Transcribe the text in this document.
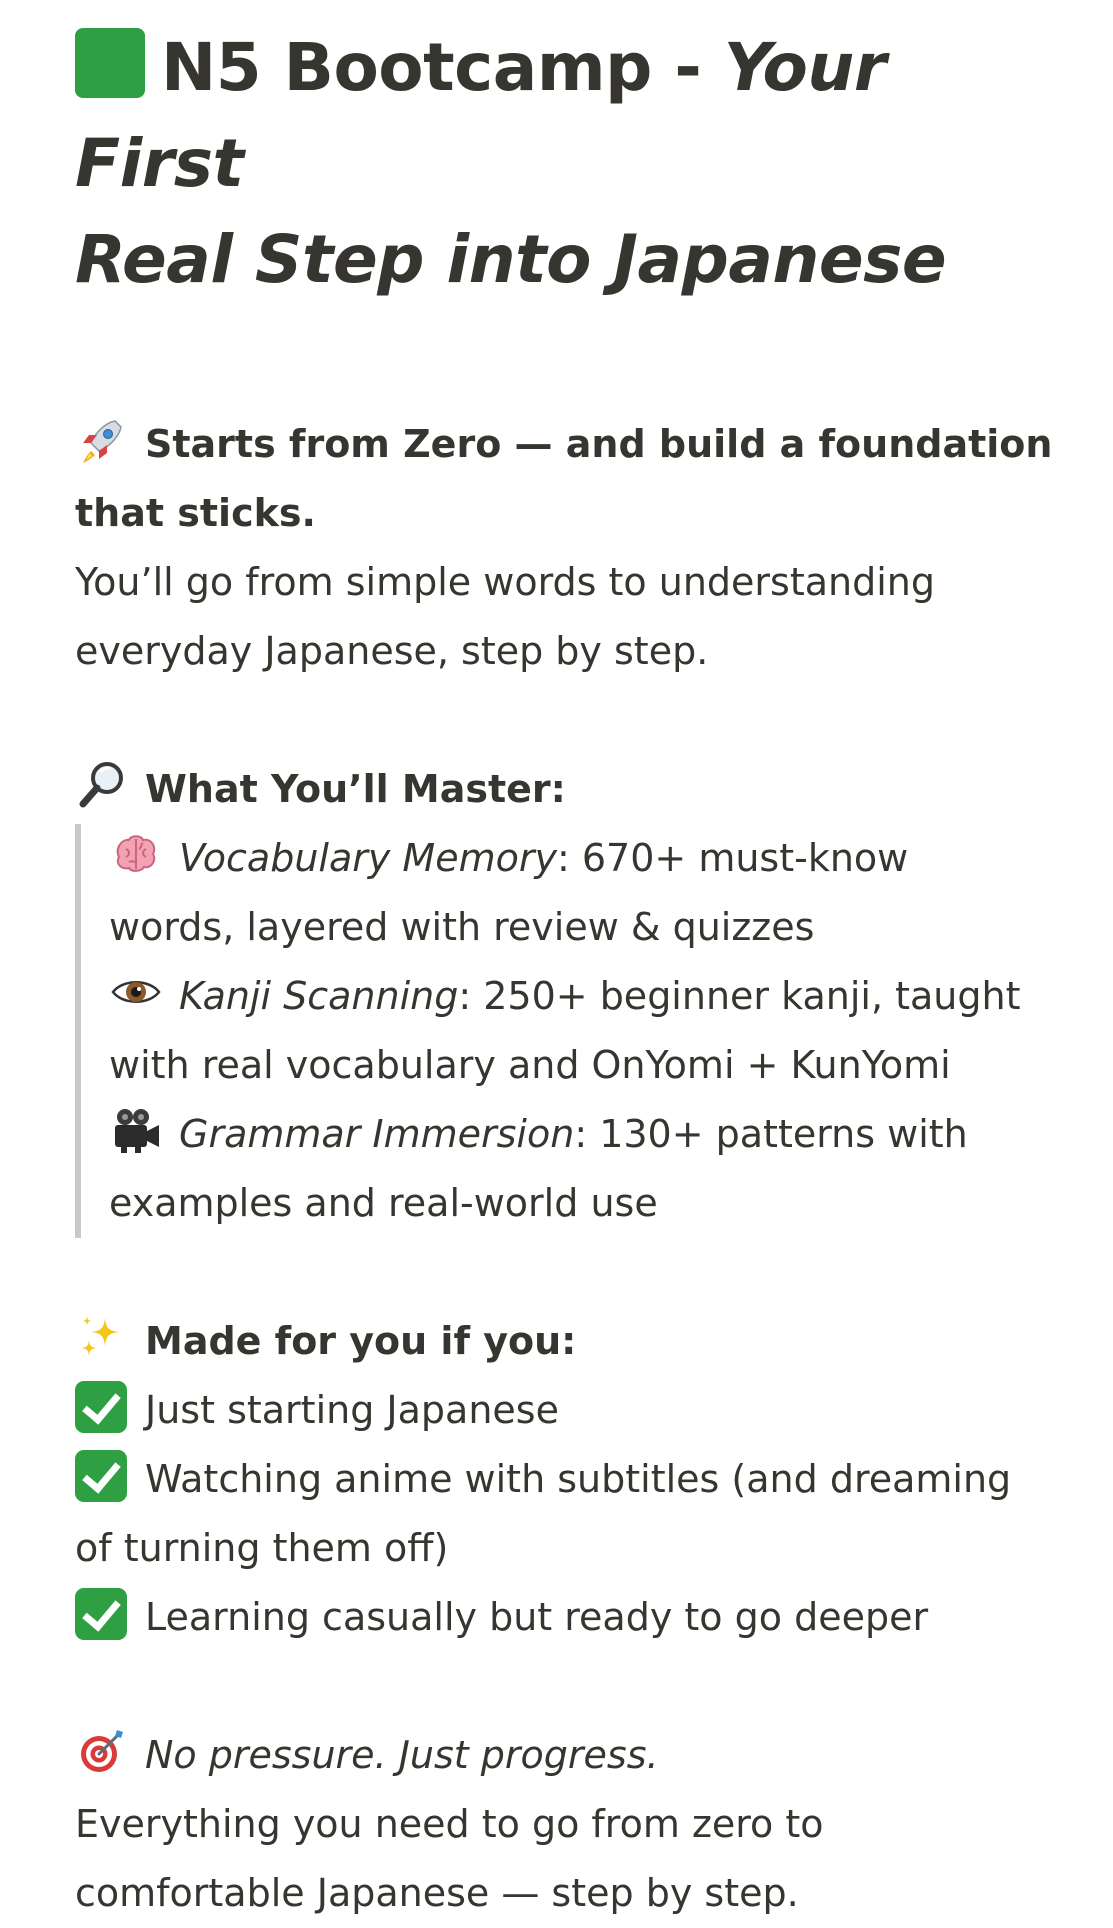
N5 Bootcamp - Your First
Real Step into Japanese
Starts from Zero — and build a foundation
that sticks.
You’ll go from simple words to understanding
everyday Japanese, step by step.
What You’ll Master:
Vocabulary Memory: 670+ must-know
words, layered with review & quizzes
Kanji Scanning: 250+ beginner kanji, taught
with real vocabulary and OnYomi + KunYomi
Grammar Immersion: 130+ patterns with
examples and real-world use
Made for you if you:
Just starting Japanese
Watching anime with subtitles (and dreaming
of turning them off)
Learning casually but ready to go deeper
No pressure. Just progress.
Everything you need to go from zero to
comfortable Japanese — step by step.
